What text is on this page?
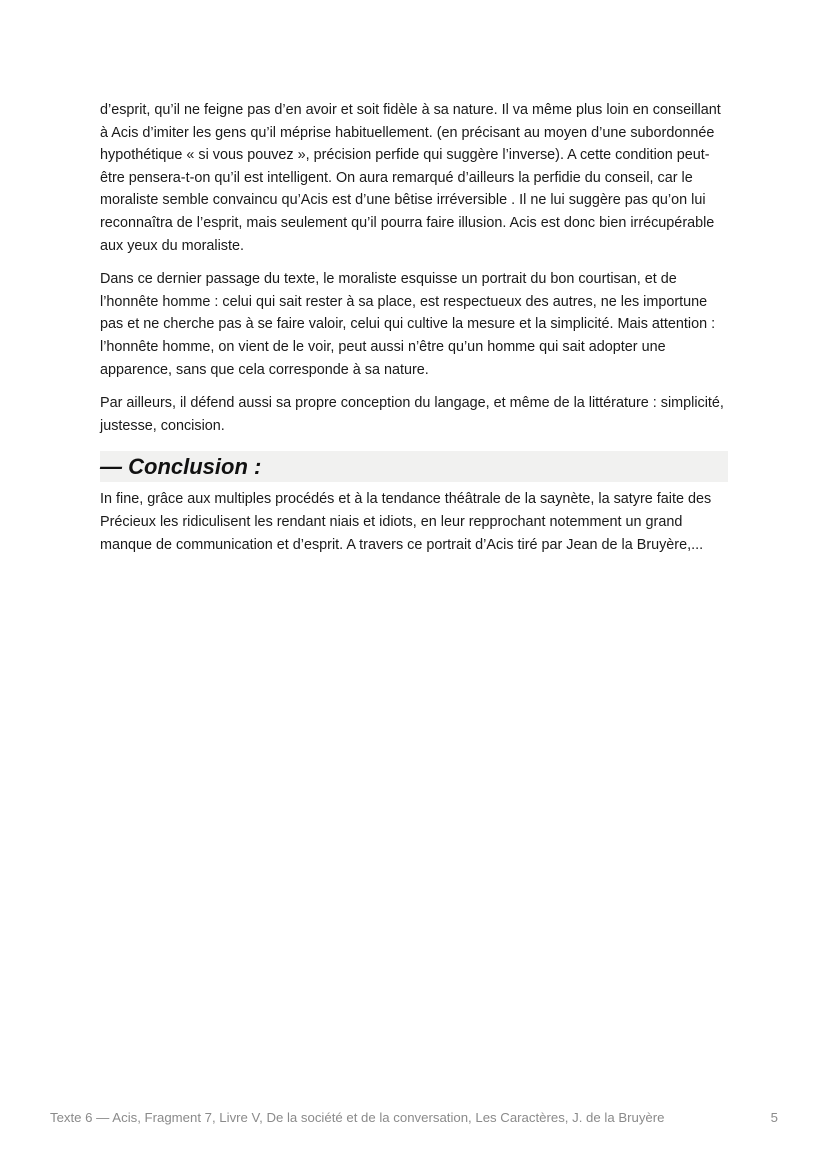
d’esprit, qu’il ne feigne pas d’en avoir et soit fidèle à sa nature. Il va même plus loin en conseillant à Acis d’imiter les gens qu’il méprise habituellement. (en précisant au moyen d’une subordonnée hypothétique « si vous pouvez », précision perfide qui suggère l’inverse). A cette condition peut-être pensera-t-on qu’il est intelligent. On aura remarqué d’ailleurs la perfidie du conseil, car le moraliste semble convaincu qu’Acis est d’une bêtise irréversible . Il ne lui suggère pas qu’on lui reconnaîtra de l’esprit, mais seulement qu’il pourra faire illusion. Acis est donc bien irrécupérable aux yeux du moraliste.

Dans ce dernier passage du texte, le moraliste esquisse un portrait du bon courtisan, et de l’honnête homme : celui qui sait rester à sa place, est respectueux des autres, ne les importune pas et ne cherche pas à se faire valoir, celui qui cultive la mesure et la simplicité. Mais attention : l’honnête homme, on vient de le voir, peut aussi n’être qu’un homme qui sait adopter une apparence, sans que cela corresponde à sa nature.

Par ailleurs, il défend aussi sa propre conception du langage, et même de la littérature : simplicité, justesse, concision.

— Conclusion :

In fine, grâce aux multiples procédés et à la tendance théâtrale de la saynète, la satyre faite des Précieux les ridiculisent les rendant niais et idiots, en leur repprochant notemment un grand manque de communication et d’esprit. A travers ce portrait d’Acis tiré par Jean de la Bruyère,...

Texte 6 — Acis, Fragment 7, Livre V, De la société et de la conversation, Les Caractères, J. de la Bruyère	5
